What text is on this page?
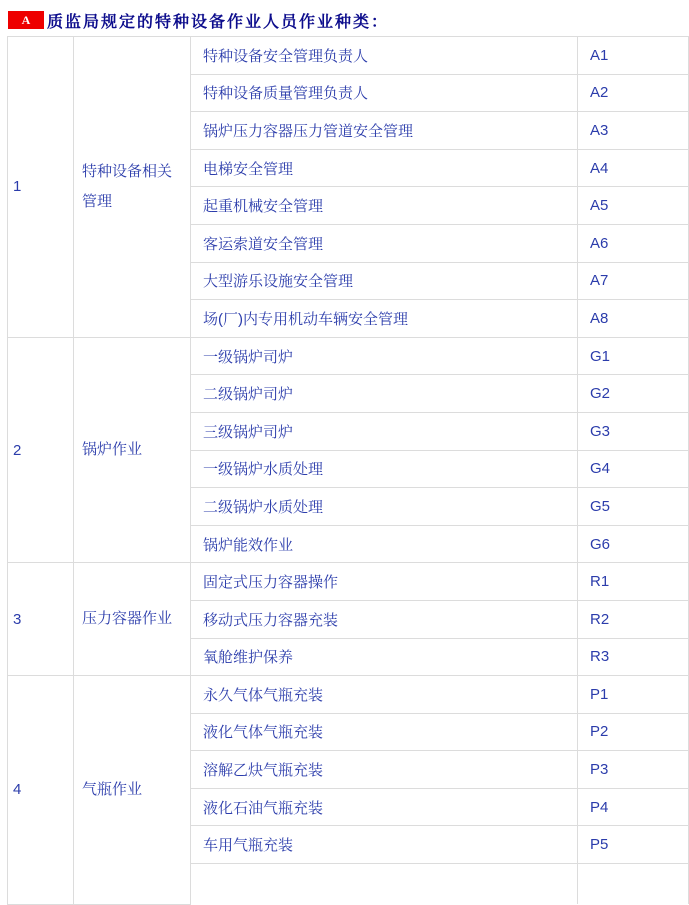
A	质监局规定的特种设备作业人员作业种类：
1	特种设备相关管理	特种设备安全管理负责人	A1
		特种设备质量管理负责人	A2
		锅炉压力容器压力管道安全管理	A3
		电梯安全管理	A4
		起重机械安全管理	A5
		客运索道安全管理	A6
		大型游乐设施安全管理	A7
		场(厂)内专用机动车辆安全管理	A8
2	锅炉作业	一级锅炉司炉	G1
		二级锅炉司炉	G2
		三级锅炉司炉	G3
		一级锅炉水质处理	G4
		二级锅炉水质处理	G5
		锅炉能效作业	G6
3	压力容器作业	固定式压力容器操作	R1
		移动式压力容器充装	R2
		氧舱维护保养	R3
4	气瓶作业	永久气体气瓶充装	P1
		液化气体气瓶充装	P2
		溶解乙炔气瓶充装	P3
		液化石油气瓶充装	P4
		车用气瓶充装	P5
